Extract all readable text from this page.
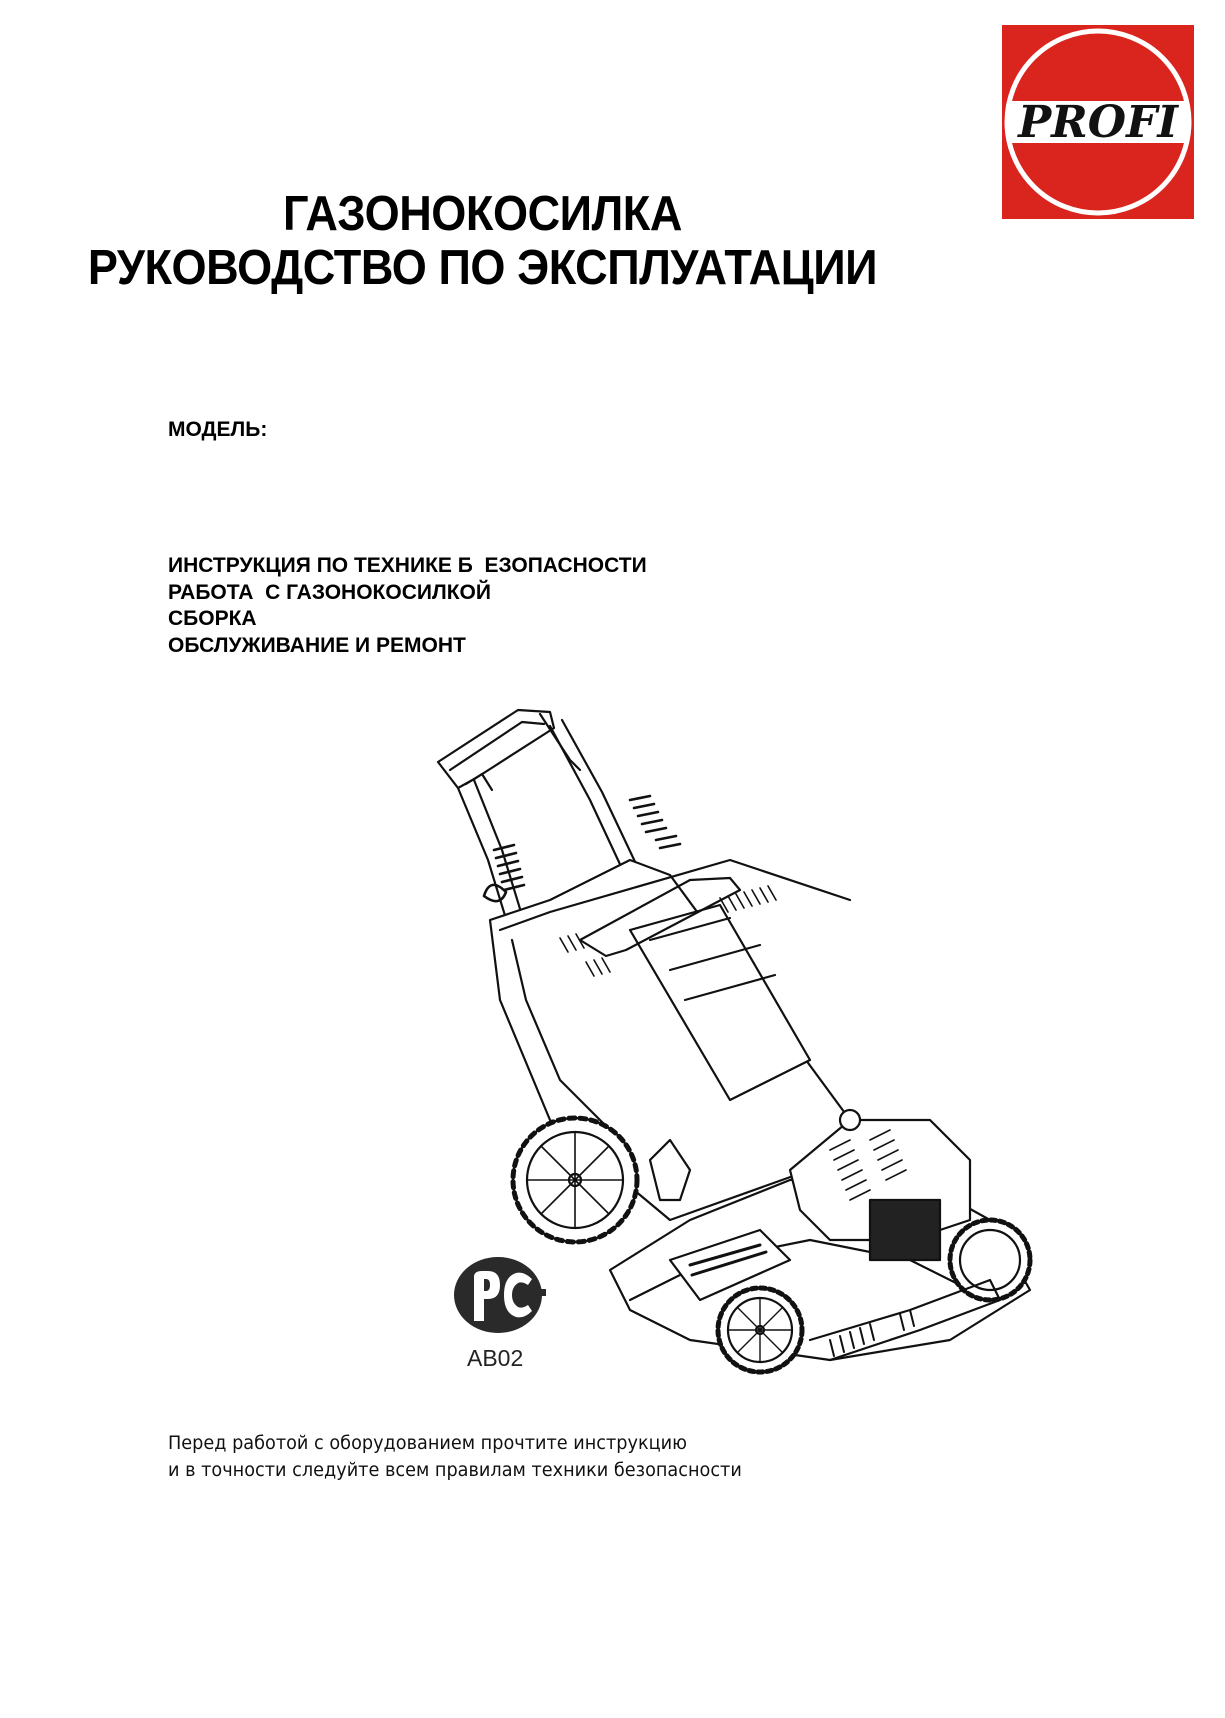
PROFI
ГАЗОНОКОСИЛКА
РУКОВОДСТВО ПО ЭКСПЛУАТАЦИИ
МОДЕЛЬ:
ИНСТРУКЦИЯ ПО ТЕХНИКЕ Б  ЕЗОПАСНОСТИ
РАБОТА  С ГАЗОНОКОСИЛКОЙ
СБОРКА
ОБСЛУЖИВАНИЕ И РЕМОНТ
АВ02
Перед работой с оборудованием прочтите инструкцию
и в точности следуйте всем правилам техники безопасности
